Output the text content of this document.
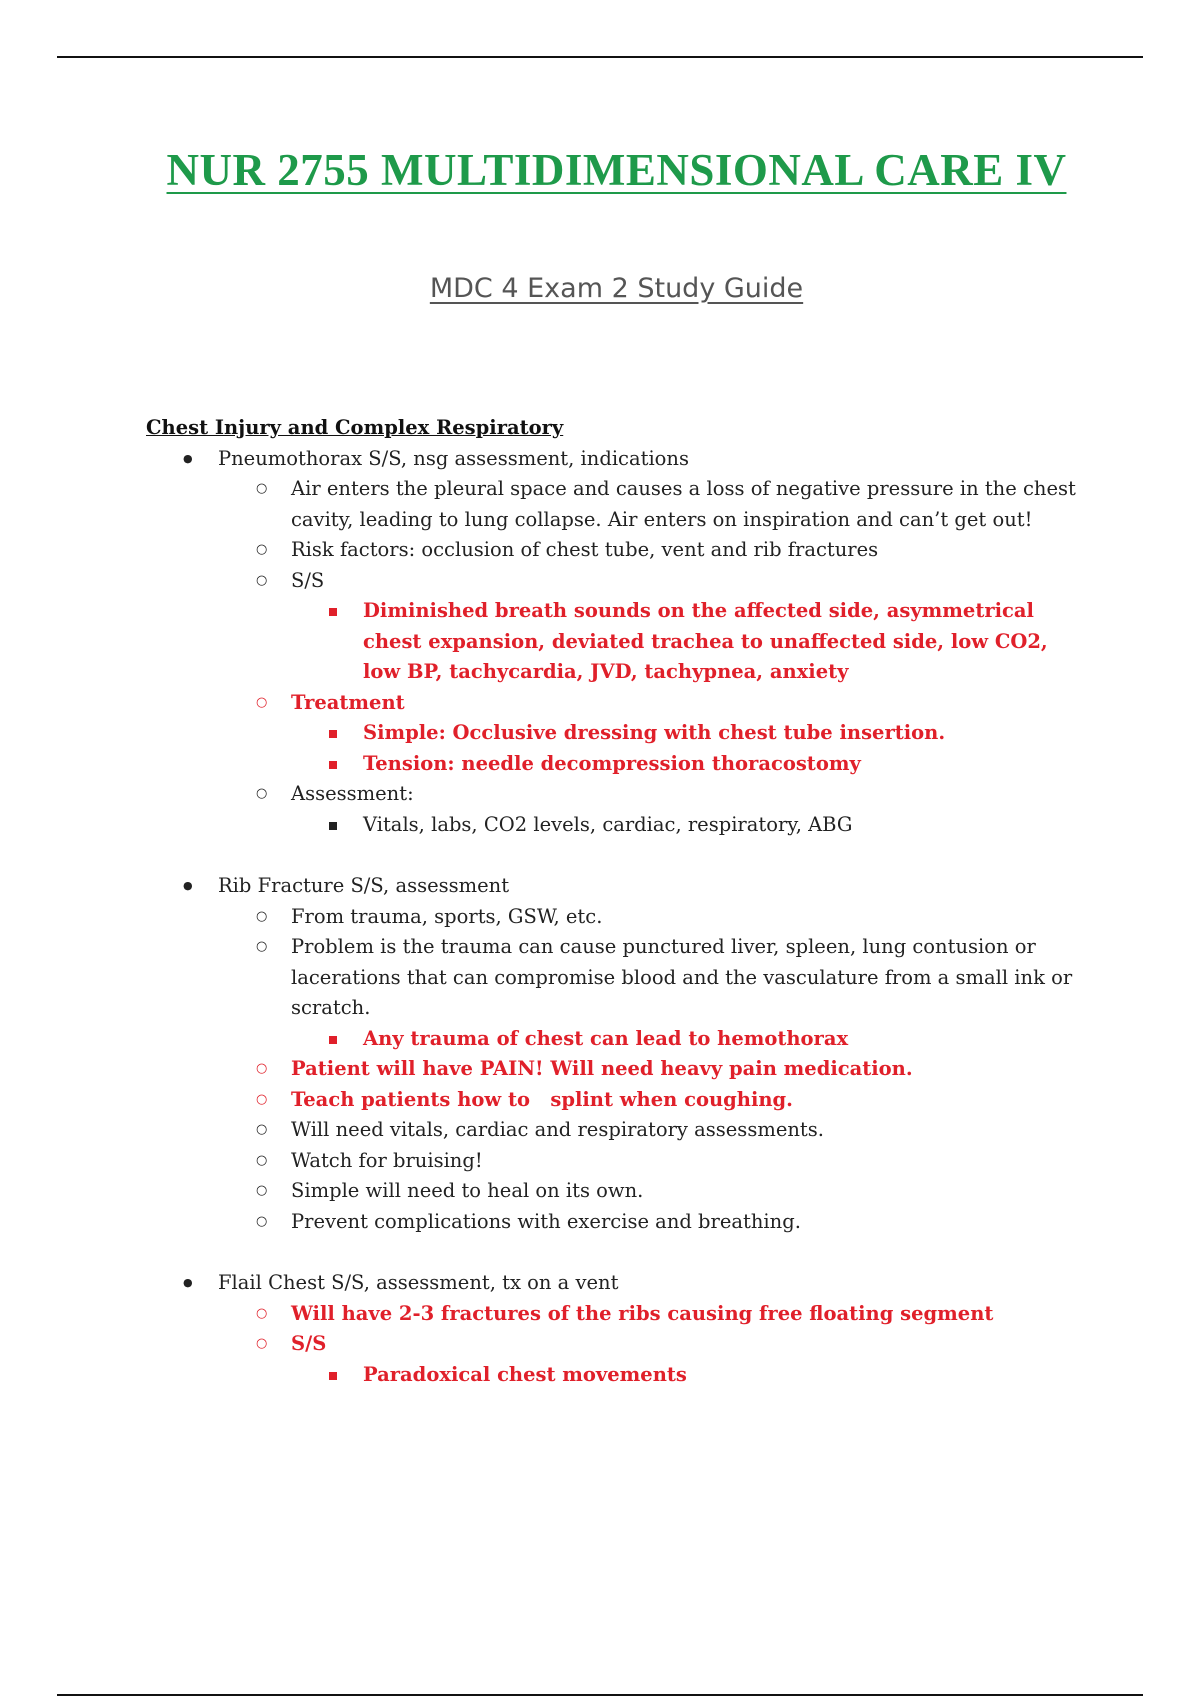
NUR 2755 MULTIDIMENSIONAL CARE IV
MDC 4 Exam 2 Study Guide

Chest Injury and Complex Respiratory

● Pneumothorax S/S, nsg assessment, indications
○ Air enters the pleural space and causes a loss of negative pressure in the chest cavity, leading to lung collapse. Air enters on inspiration and can’t get out!
○ Risk factors: occlusion of chest tube, vent and rib fractures
○ S/S
Diminished breath sounds on the affected side, asymmetrical chest expansion, deviated trachea to unaffected side, low CO2, low BP, tachycardia, JVD, tachypnea, anxiety
○ Treatment
Simple: Occlusive dressing with chest tube insertion.
Tension: needle decompression thoracostomy
○ Assessment:
Vitals, labs, CO2 levels, cardiac, respiratory, ABG
● Rib Fracture S/S, assessment
○ From trauma, sports, GSW, etc.
○ Problem is the trauma can cause punctured liver, spleen, lung contusion or lacerations that can compromise blood and the vasculature from a small ink or scratch.
Any trauma of chest can lead to hemothorax
○ Patient will have PAIN! Will need heavy pain medication.
○ Teach patients how to   splint when coughing.
○ Will need vitals, cardiac and respiratory assessments.
○ Watch for bruising!
○ Simple will need to heal on its own.
○ Prevent complications with exercise and breathing.
● Flail Chest S/S, assessment, tx on a vent
○ Will have 2-3 fractures of the ribs causing free floating segment
○ S/S
Paradoxical chest movements
